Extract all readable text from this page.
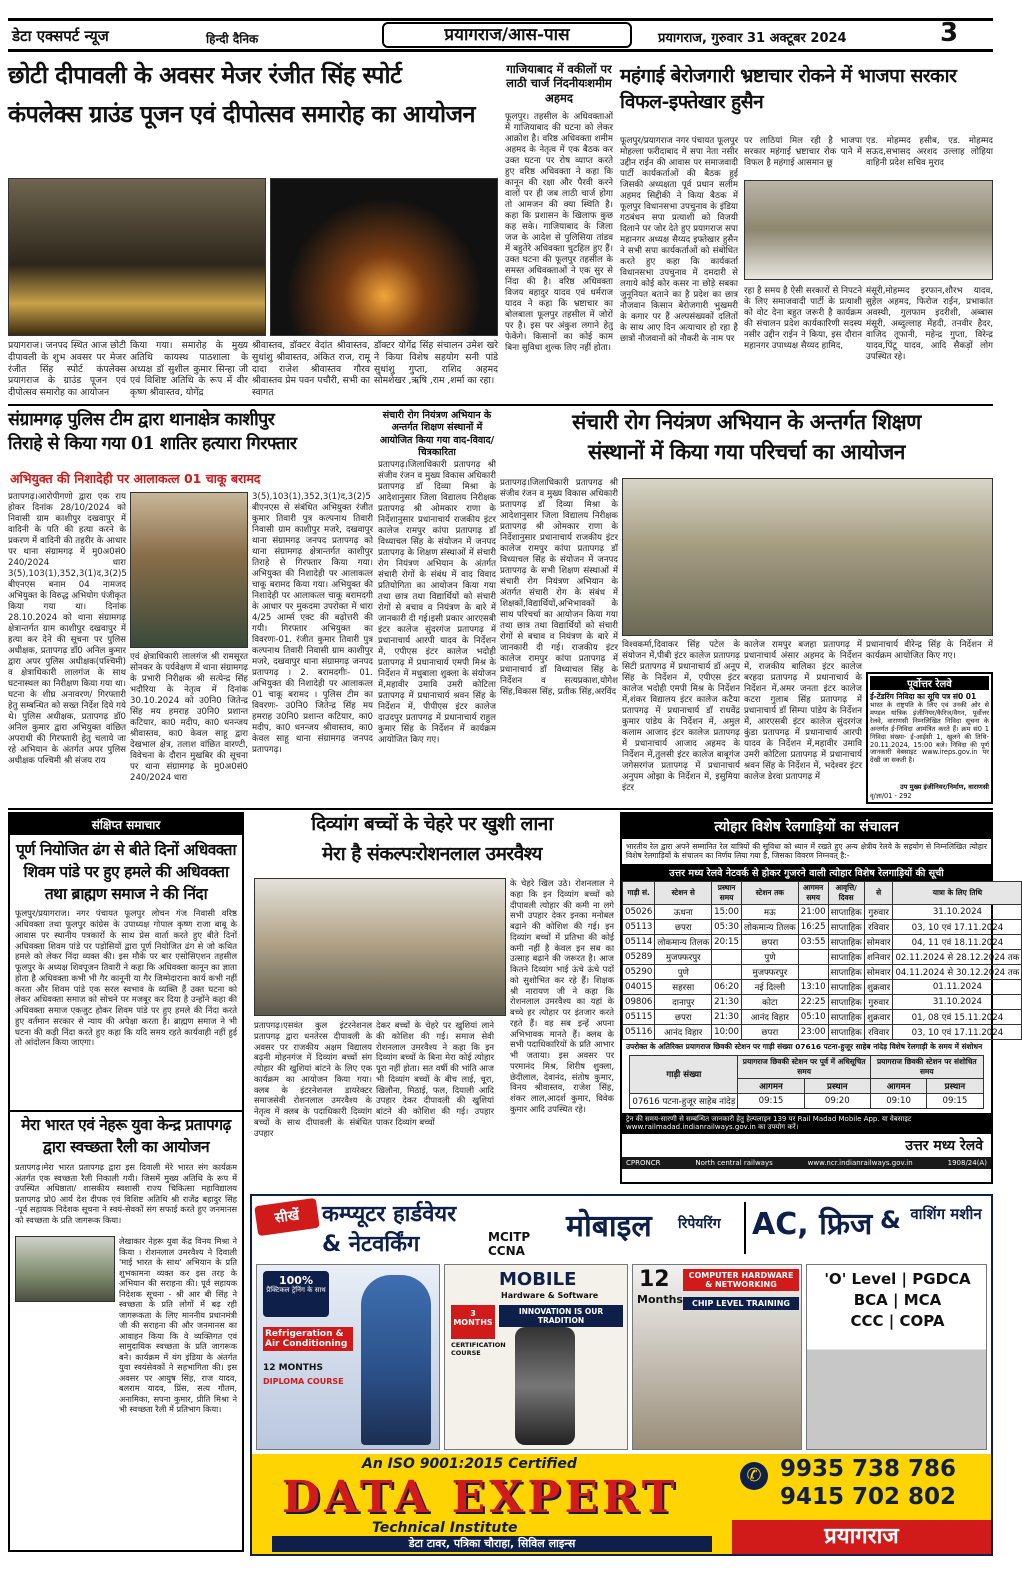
डेटा एक्सपर्ट न्यूज	हिन्दी दैनिक	प्रयागराज/आस-पास	प्रयागराज, गुरुवार 31 अक्टूबर 2024	3
छोटी दीपावली के अवसर मेजर रंजीत सिंह स्पोर्ट
कंपलेक्स ग्राउंड पूजन एवं दीपोत्सव समारोह का आयोजन
प्रयागराज। जनपद स्थित आज छोटी दीपावली के शुभ अवसर पर मेजर रंजीत सिंह स्पोर्ट कंपलेक्स प्रयागराज के ग्राउंड पूजन एवं दीपोत्सव समारोह का आयोजन
किया गया। समारोह के मुख्य अतिथि कायस्थ पाठशाला के अध्यक्ष डॉ सुशील कुमार सिन्हा जी एवं विशिष्ट अतिथि के रूप में वीर कृष्ण श्रीवास्तव, योगेंद्र
श्रीवास्तव, डॉक्टर वेदांत श्रीवास्तव, सुधांशु श्रीवास्तव, अंकित राज, रामू दादा राजेश श्रीवास्तव गौरव श्रीवास्तव प्रेम पवन पचौरी, सभी का स्वागत
डॉक्टर योगेंद्र सिंह संचालन उमेश खरे ने किया विशेष सहयोग सनी पांडे सुधांशु गुप्ता, राशिद अहमद सोमशेखर ,ऋषि ,राम ,शर्मा का रहा।
गाजियाबाद में वकीलों पर लाठी चार्ज निंदनीयःशमीम अहमद
फूलपुर। तहसील के अधिवक्ताओं में गाजियाबाद की घटना को लेकर आक्रोश है। वरिष्ठ अधिवक्ता शमीम अहमद के नेतृत्व में एक बैठक कर उक्त घटना पर रोष व्याप्त करते हुए वरिष्ठ अधिवक्ता ने कहा कि कानून की रक्षा और पैरवी करने वालों पर ही जब लाठी चार्ज होगा तो आमजन की क्या स्थिति है। कहा कि प्रशासन के खिलाफ कुछ कह सके। गाजियाबाद के जिला जज के आदेश से पुलिसिया तांडव में बहुतेरे अधिवक्ता चुटहिल हुए हैं। उक्त घटना की फूलपुर तहसील के समस्त अधिवक्ताओं ने एक सुर से निंदा की है। वरिष्ठ अधिवक्ता विजय बहादुर यादव एवं धर्मराज यादव ने कहा कि भ्रष्टाचार का बोलबाला फूलपुर तहसील में जोरों पर है। इस पर अंकुश लगाने हेतु फेकेंगे। किसानों का कोई काम बिना सुविधा शुल्क लिए नहीं होता।
महंगाई बेरोजगारी भ्रष्टाचार रोकने में भाजपा सरकार विफल-इफ्तेखार हुसैन
फूलपुर/प्रयागराज नगर पंचायत फूलपुर मोहल्ला फरीदाबाद में सपा नेता नसीर उद्दीन राईन की आवास पर समाजवादी पार्टी कार्यकर्ताओं की बैठक हुई जिसकी अध्यक्षता पूर्व प्रधान सलीम अहमद सिद्दीकी ने किया बैठक में फूलपुर विधानसभा उपचुनाव के इंडिया गठबंधन सपा प्रत्याशी को विजयी दिलाने पर जोर देते हुए प्रयागराज सपा महानगर अध्यक्ष सैय्यद इफ्तेखार हुसैन ने सभी सपा कार्यकर्ताओं को संबोधित करते हुए कहा कि कार्यकर्ता विधानसभा उपचुनाव में दमदारी से लगाये कोई कोर कसर ना छोड़े सबका जुनूनियत बताने का है प्रदेश का छात्र नौजवान किसान बेरोजगारी भुखमरी के कगार पर हैं अल्पसंख्यकों दलितों के साथ आए दिन अत्याचार हो रहा है छात्रों नौजवानों को नौकरी के नाम पर
पर लाठियां मिल रही है भाजपा सरकार महंगाई भ्रष्टाचार रोक पाने में विफल है महंगाई आसमान छू
एड. मोहम्मद हसीब, एड. मोहम्मद सऊद,सभासद अरशद उल्लाह लोहिया वाहिनी प्रदेश सचिव मुराद
रहा है समय है ऐसी सरकारों से निपटने के लिए समाजवादी पार्टी के प्रत्याशी को वोट देना बहुत जरूरी है कार्यक्रम की संचालन प्रदेश कार्यकारिणी सदस्य नसीर उद्दीन राईन ने किया, इस दौरान महानगर उपाध्यक्ष सैय्यद हामिद,
मंसूरी,मोहम्मद इरफान,शौरभ यादव, सुहेल अहमद, फिरोज राईन, प्रभाकांत अवस्थी, गुलफाम इदरीशी, अब्बास मंसूरी, अब्दुल्लाह मेंहदी, तनवीर हैदर, वाजिद तूफानी, महेन्द्र गुप्ता, विरेन्द्र यादव,पिंटू यादव, आदि सैकड़ों लोग उपस्थित रहे।
संग्रामगढ़ पुलिस टीम द्वारा थानाक्षेत्र काशीपुर
तिराहे से किया गया 01 शातिर हत्यारा गिरफ्तार
अभियुक्त की निशादेही पर आलाकत्ल 01 चाकू बरामद
प्रतापगढ़।आरोपीगणो द्वारा एक राय होकर दिनांक 28/10/2024 को निवासी ग्राम काशीपुर दखवापुर में वादिनी के पति की हत्या करने के प्रकरण में वादिनी की तहरीर के आधार पर थाना संग्रामगढ़ में मु0अ0सं0 240/2024 धारा 3(5),103(1),352,3(1)द,3(2)5 बीएनएस बनाम 04 नामजद अभियुक्त के विरुद्ध अभियोग पंजीकृत किया गया था। दिनांक 28.10.2024 को थाना संग्रामगढ़ क्षेत्रान्तर्गत ग्राम काशीपुर दखवापुर में हत्या कर देने की सूचना पर पुलिस अधीक्षक, प्रतापगढ़ डॉ0 अनिल कुमार द्वारा अपर पुलिस अधीक्षक(पश्चिमी) व क्षेत्राधिकारी लालगंज के साथ घटनास्थल का निरीक्षण किया गया था। घटना के शीघ्र अनावरण/ गिरफ्तारी हेतु सम्बन्धित को सख्त निर्देश दिये गये थे। पुलिस अधीक्षक, प्रतापगढ़ डॉ0 अनिल कुमार द्वारा अभियुक्त वांछित अपराधी की गिरफ्तारी हेतु चलाये जा रहे अभियान के अंतर्गत अपर पुलिस अधीक्षक पश्चिमी श्री संजय राय
एवं क्षेत्राधिकारी लालगंज श्री रामसूरत सोनकर के पर्यवेक्षण में थाना संग्रामगढ़ के प्रभारी निरीक्षक श्री सत्येन्द्र सिंह भदौरिया के नेतृत्व में दिनांक 30.10.2024 को उ0नि0 जितेन्द्र सिंह मय हमराह उ0नि0 प्रशान्त कटियार, का0 मदीप, का0 धनन्जय श्रीवास्तव, का0 केवल साहू द्वारा देखभाल क्षेत्र, तलाश वांछित वारण्टी, विवेचना के दौरान मुखबिर की सूचना पर थाना संग्रामगढ़ के मु0अ0सं0 240/2024 धारा
3(5),103(1),352,3(1)द,3(2)5 बीएनएस से संबंधित अभियुक्त रंजीत कुमार तिवारी पुत्र कल्पनाथ तिवारी निवासी ग्राम काशीपुर मजरे, दखवापुर थाना संग्रामगढ़ जनपद प्रतापगढ़ को थाना संग्रामगढ़ क्षेत्रान्तर्गत काशीपुर तिराहे से गिरफ्तार किया गया। अभियुक्त की निशादेही पर आलाकत्ल चाकू बरामद किया गया। अभियुक्त की निशादेही पर आलाकत्ल चाकू बरामदगी के आधार पर मुकदमा उपरोक्त में धारा 4/25 आर्म्स एक्ट की बढ़ोत्तरी की गयी। गिरफ्तार अभियुक्त का विवरणः-01. रंजीत कुमार तिवारी पुत्र कल्पनाथ तिवारी निवासी ग्राम काशीपुर मजरे, दखवापुर थाना संग्रामगढ़ जनपद प्रतापगढ़ । 2. बरामदगीः- 01. अभियुक्त की निशादेही पर आलाकत्ल 01 चाकू बरामद । पुलिस टीम का विवरणः- उ0नि0 जितेन्द्र सिंह मय हमराह उ0नि0 प्रशान्त कटियार, का0 मदीप, का0 धनन्जय श्रीवास्तव, का0 केवल साहू थाना संग्रामगढ़ जनपद प्रतापगढ़।
संचारी रोग नियंत्रण अभियान के अन्तर्गत शिक्षण संस्थानों में आयोजित किया गया वाद-विवाद/चित्रकारिता
प्रतापगढ़।जिलाधिकारी प्रतापगढ़ श्री संजीव रंजन व मुख्य विकास अधिकारी प्रतापगढ़ डॉ दिव्या मिश्रा के आदेशानुसार जिला विद्यालय निरीक्षक प्रतापगढ़ श्री ओमकार राणा के निर्देशानुसार प्रधानाचार्य राजकीय इंटर कालेज रामपुर कांपा प्रतापगढ़ डॉ विध्याचल सिंह के संयोजन में जनपद प्रतापगढ़ के शिक्षण संस्थाओं में संचारी रोग नियंत्रण अभियान के अंतर्गत संचारी रोगों के संबंध में वाद विवाद प्रतियोगिता का आयोजन किया गया तथा छात्र तथा विद्यार्थियों को संचारी रोगों से बचाव व नियंत्रण के बारे में जानकारी दी गई।इसी प्रकार आरएसबी इंटर कालेज सुंदरगंज प्रतापगढ़ में प्रधानाचार्य आरपी यादव के निर्देशन में, एपीएस इंटर कालेज भदोही प्रतापगढ़ में प्रधानाचार्य एमपी मिश्र के निर्देशन में मधुबाला शुक्ला के संयोजन में,महावीर उमावि उमरी कोटिला प्रतापगढ़ में प्रधानाचार्य श्रवन सिंह के निर्देशन में, पीपीएस इंटर कालेज दाउदपुर प्रतापगढ़ में प्रधानाचार्य राहुल कुमार सिंह के निर्देशन में कार्यक्रम आयोजित किए गए।
संचारी रोग नियंत्रण अभियान के अन्तर्गत शिक्षण
संस्थानों में किया गया परिचर्चा का आयोजन
प्रतापगढ़।जिलाधिकारी प्रतापगढ़ श्री संजीव रंजन व मुख्य विकास अधिकारी प्रतापगढ़ डॉ दिव्या मिश्रा के आदेशानुसार जिला विद्यालय निरीक्षक प्रतापगढ़ श्री ओमकार राणा के निर्देशानुसार प्रधानाचार्य राजकीय इंटर कालेज रामपुर कांपा प्रतापगढ़ डॉ विध्याचल सिंह के संयोजन में जनपद प्रतापगढ़ के सभी शिक्षण संस्थाओं में संचारी रोग नियंत्रण अभियान के अंतर्गत संचारी रोग के संबंध में शिक्षकों,विद्यार्थियों,अभिभावकों के साथ परिचर्चा का आयोजन किया गया तथा छात्र तथा विद्यार्थियों को संचारी रोगों से बचाव व नियंत्रण के बारे में जानकारी दी गई। राजकीय इंटर कालेज रामपुर कांपा प्रतापगढ़ में प्रधानाचार्य डॉ विध्याचल सिंह के निर्देशन व सत्यप्रकाश,योगेश सिंह,विकास सिंह, प्रतीक सिंह,अरविंद
विश्वकर्मा,दिवाकर सिंह पटेल के संयोजन में,पीबी इंटर कालेज प्रतापगढ़ सिटी प्रतापगढ़ में प्रधानाचार्य डॉ अनूप सिंह के निर्देशन में, एपीएस इंटर कालेज भदोही एमपी मिश्र के निर्देशन में,शंकर विद्यालय इंटर कालेज कटैया प्रतापगढ़ में प्रधानाचार्य डॉ राधवेंद्र कुमार पांडेय के निर्देशन में, अमुल कलाम आजाद इंटर कालेज प्रतापगढ़ में प्रधानाचार्य आजाद अहमद के निर्देशन में,तुलसी इंटर कालेज बाबूगंज जगेसरगंज प्रतापगढ़ में प्रधानाचार्य अनुपम ओझा के निर्देशन में, इसुमिया इंटर
कालेज रामपुर बजहा प्रतापगढ़ में प्रधानाचार्य अंसार अहमद के निर्देशन में, राजकीय बालिका इंटर कालेज बरहदा प्रतापगढ़ में प्रधानाचार्य के निर्देशन में,अमर जनता इंटर कालेज कटरा गुलाब सिंह प्रतापगढ़ में प्रधानाचार्य डॉ सिम्पा पांडेय के निर्देशन में, आरएसबी इंटर कालेज सुंदरगंज कुंडा प्रतापगढ़ में प्रधानाचार्य आरपी यादव के निर्देशन में,महावीर उमावि उमरी कोटिला प्रतापगढ़ में प्रधानाचार्य श्रवन सिंह के निर्देशन में, भदेश्वर इंटर कालेज डेरवा प्रतापगढ़ में
प्रधानाचार्य वीरेन्द्र सिंह के निर्देशन में कार्यक्रम आयोजित किए गए।
पूर्वोत्तर रेलवे
ई-टेंडरिंग निविदा का सूचि पत्र सं0 01
भारत के राष्ट्रपति के लिए एवं उनकी ओर से मण्डल यांत्रिक इंजीनियर/कैरिज/वैगन, पूर्वोत्तर रेलवे, वाराणसी निम्नलिखित निविदा सूचना के अन्तर्गत ई-निविदा आमंत्रित करते हैं। क्रम सं0 1 निविदा संख्या- ई-आईसी 1, खुलने की तिथि- 20.11.2024, 15:00 बजे। निविदा की पूर्ण जानकारी वेबसाइट www.ireps.gov.in पर देखी जा सकती है।
उप मुख्य इंजीनियर/निर्माण, वाराणसी
वृ/ज्ञा/01 - 292
संक्षिप्त समाचार
पूर्ण नियोजित ढंग से बीते दिनों अधिवक्ता
शिवम पांडे पर हुए हमले की अधिवक्ता
तथा ब्राह्मण समाज ने की निंदा
फूलपुर/प्रयागराज। नगर पंचायत फूलपुर लोचन गंज निवासी वरिष्ठ अधिवक्ता तथा फूलपुर कांग्रेस के उपाध्यक्ष गोपाल कृष्ण राजा बाबू के आवास पर स्थानीय पत्रकारों के साथ प्रेस वार्ता करते हुए बीते दिनों अधिवक्ता शिवम पांडे पर पड़ोसियों द्वारा पूर्ण नियोजित ढंग से जो कथित हमले को लेकर निंदा व्यक्त की। इस मौके पर बार एसोसिएशन तहसील फूलपुर के अध्यक्ष शिवपूजन तिवारी ने कहा कि अधिवक्ता कानून का ज्ञाता होता है अधिवक्ता कभी भी गैर कानूनी या गैर जिम्मेदाराना कार्य कभी नहीं करता और शिवम पांडे एक सरल स्वभाव के व्यक्ति हैं उक्त घटना को लेकर अधिवक्ता समाज को सोचने पर मजबूर कर दिया है उन्होंने कहा की अधिवक्ता समाज एकजुट होकर शिवम पांडे पर हुए हमले की निंदा करते हुए वर्तमान सरकार से न्याय की अपेक्षा करता है। ब्राह्मण समाज ने भी घटना की कड़ी निंदा करते हुए कहा कि यदि समय रहते कार्यवाही नहीं हुई तो आंदोलन किया जाएगा।
मेरा भारत एवं नेहरू युवा केन्द्र प्रतापगढ़
द्वारा स्वच्छता रैली का आयोजन
प्रतापगढ़।मेरा भारत प्रतापगढ़ द्वारा इस दिवाली मेरे भारत संग कार्यक्रम अंतर्गत एक स्वच्छता रैली निकाली गयी। जिसमें मुख्य अतिथि के रूप में उपस्थित अधिष्ठाता/ शासकीय स्वशासी राज्य चिकित्सा महाविद्यालय प्रतापगढ़ प्रो0 आर्य देश दीपक एवं विशिष्ट अतिथि श्री राजेंद्र बहादुर सिंह -पूर्व सहायक निदेशक सूचना ने स्वयं-सेवकों संग सफाई करते हुए जनमानस को स्वच्छता के प्रति जागरूक किया।
लेखाकार नेहरू युवा केंद्र विनय मिश्रा ने किया । रोशनलाल उमरवैश्य ने दिवाली 'माई भारत के साथ' अभियान के प्रति शुभकामना व्यक्त कर इस तरह के अभियान की सराहना की। पूर्व सहायक निदेशक सूचना - श्री आर बी सिंह ने स्वच्छता के प्रति लोगों में बढ़ रही जागरूकता के लिए माननीय प्रधानमंत्री जी की सराहना की और जनमानस का आवाहन किया कि वे व्यक्तिगत एवं सामुदायिक स्वच्छता के प्रति जागरूक बने। कार्यक्रम में यंग इंडिया के अंतर्गत युवा स्वयंसेवकों ने सहभागिता की। इस अवसर पर आयुष सिंह, राज यादव, बलराम यादव, प्रिंस, सत्य गौतम, अनामिका, सपना कुमार, प्रीति मिश्रा ने भी स्वच्छता रैली में प्रतिभाग किया।
दिव्यांग बच्चों के चेहरे पर खुशी लाना
मेरा है संकल्पःरोशनलाल उमरवैश्य
प्रतापगढ़।एसवंत कुल इंटरनेशनल प्रतापगढ़ द्वारा धनतेरस दीपावली के अवसर पर राजकीय अक्षम विद्यालय बढ़नी मोहनगंज में दिव्यांग बच्चों संग त्योहार की खुशियां बांटने के लिए एक कार्यक्रम का आयोजन किया गया। क्लब के इंटरनेशनल डायरेक्टर समाजसेवी रोशनलाल उमरवैश्य के नेतृत्व में क्लब के पदाधिकारी दिव्यांग बच्चों के साथ दीपावली के संबंधित उपहार
देकर बच्चों के चेहरे पर खुशियां लाने की कोशिश की गई। समाज सेवी रोशनलाल उमरवैश्य ने कहा कि इन दिव्यांग बच्चों के बिना मेरा कोई त्योहार पूरा नहीं होता। सत वर्षी की भांति आज भी दिव्यांग बच्चों के बीच लाई, चूरा, खिलौना, मिठाई, फल, दियाली आदि उपहार देकर दीपावली की खुशियां बांटने की कोशिश की गई। उपहार पाकर दिव्यांग बच्चों
के चेहरे खिल उठे। रोशनलाल ने कहा कि इन दिव्यांग बच्चों को दीपावली त्योहार की कमी ना लगे सभी उपहार देकर इनका मनोबल बढ़ाने की कोशिश की गई। इन दिव्यांग बच्चों में प्रतिभा की कोई कमी नहीं है केवल इन सब का उत्साह बढ़ाने की जरूरत है। आज कितने दिव्यांग भाई ऊंचे ऊंचे पदों को सुशोभित कर रहे हैं। शिक्षक श्री नारायण जी ने कहा कि रोशनलाल उमरवैश्य का यहां के बच्चे हर त्योहार पर इंतजार करते रहते हैं। वह सब इन्हें अपना अभिभावक मानते हैं। क्लब के सभी पदाधिकारियों के प्रति आभार भी जताया। इस अवसर पर परमानंद मिश्र, शिरीष शुक्ला, छेदीलाल, देवानंद, संतोष कुमार, विनय श्रीवास्तव, राजेश सिंह, शंकर लाल,आदर्श कुमार, विवेक कुमार आदि उपस्थित रहे।
त्योहार विशेष रेलगाड़ियों का संचालन
भारतीय रेल द्वारा अपने सम्मानित रेल यात्रियों की सुविधा को ध्यान में रखते हुए अन्य क्षेत्रीय रेलवे के सहयोग से निम्नलिखित त्योहार विशेष रेलगाड़ियों के संचालन का निर्णय लिया गया है, जिसका विवरण निम्नवत् है:-
उत्तर मध्य रेलवे नेटवर्क से होकर गुजरने वाली त्योहार विशेष रेलगाड़ियों की सूची
गाड़ी सं.	स्टेशन से	प्रस्थान समय	स्टेशन तक	आगमन समय	आवृत्ति/दिवस	से	यात्रा के लिए तिथि
05026	ऊधना	15:00	मऊ	21:00	साप्ताहिक	गुरुवार	31.10.2024
05113	छपरा	05:30	लोकमान्य तिलक	16:25	साप्ताहिक	रविवार	03, 10 एवं 17.11.2024
05114	लोकमान्य तिलक	20:15	छपरा	03:55	साप्ताहिक	सोमवार	04, 11 एवं 18.11.2024
05289	मुजफ्फरपुर		पुणे		साप्ताहिक	शनिवार	02.11.2024 से 28.12.2024 तक
05290	पुणे		मुजफ्फरपुर		साप्ताहिक	सोमवार	04.11.2024 से 30.12.2024 तक
04015	सहरसा	06:20	नई दिल्ली	13:10	साप्ताहिक	शुक्रवार	01.11.2024
09806	दानापुर	21:30	कोटा	22:25	साप्ताहिक	गुरुवार	31.10.2024
05115	छपरा	21:30	आनंद विहार	05:10	साप्ताहिक	शुक्रवार	01, 08 एवं 15.11.2024
05116	आनंद विहार	10:00	छपरा	23:00	साप्ताहिक	रविवार	03, 10 एवं 17.11.2024
उपरोक्त के अतिरिक्त प्रयागराज छिवकी स्टेशन पर गाड़ी संख्या 07616 पटना-हुजूर साहेब नांदेड़ विशेष रेलगाड़ी के समय में संशोधन
गाड़ी संख्या	प्रयागराज छिवकी स्टेशन पर पूर्व में अधिसूचित समय		प्रयागराज छिवकी स्टेशन पर संशोधित समय	
	आगमन	प्रस्थान	आगमन	प्रस्थान
07616 पटना-हुजूर साहेब नांदेड़	09:15	09:20	09:10	09:15
ट्रेन की समय-सारणी से सम्बन्धित जानकारी हेतु हेल्पलाइन 139 पर Rail Madad Mobile App. या वेबसाइट www.railmadad.indianrailways.gov.in का उपयोग करें।
उत्तर मध्य रेलवे
CPRONCR	North central railways	www.ncr.indianrailways.gov.in	1908/24(A)
सीखें कम्प्यूटर हार्डवेयर
& नेटवर्किंग	MCITP
CCNA
मोबाइल रिपेयरिंग AC, फ्रिज & वाशिंग मशीन
100%
प्रैक्टिकल ट्रेनिंग के साथ
Refrigeration & Air Conditioning
12 MONTHS
DIPLOMA COURSE
MOBILE
Hardware & Software
3 MONTHS
CERTIFICATION COURSE
INNOVATION IS OUR TRADITION
12
Months
COMPUTER HARDWARE & NETWORKING
CHIP LEVEL TRAINING
'O' Level | PGDCA
BCA | MCA
CCC | COPA
An ISO 9001:2015 Certified
DATA EXPERT
Technical Institute
डेटा टावर, पत्रिका चौराहा, सिविल लाइन्स
✆ 9935 738 786
9415 702 802
प्रयागराज
